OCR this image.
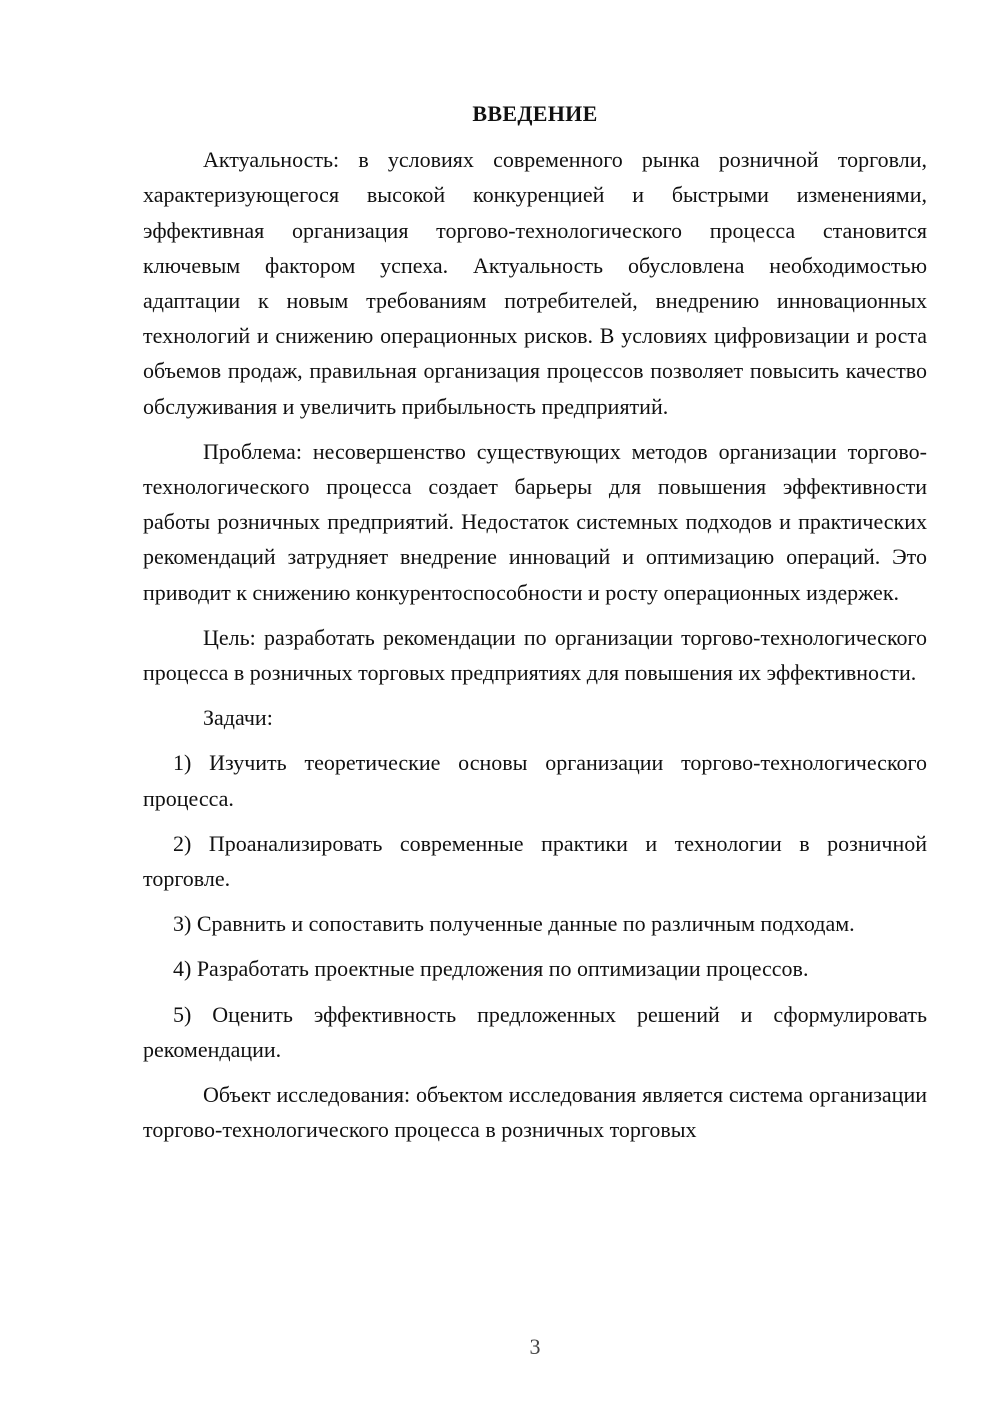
ВВЕДЕНИЕ

Актуальность: в условиях современного рынка розничной торговли, характеризующегося высокой конкуренцией и быстрыми изменениями, эффективная организация торгово-технологического процесса становится ключевым фактором успеха. Актуальность обусловлена необходимостью адаптации к новым требованиям потребителей, внедрению инновационных технологий и снижению операционных рисков. В условиях цифровизации и роста объемов продаж, правильная организация процессов позволяет повысить качество обслуживания и увеличить прибыльность предприятий.

Проблема: несовершенство существующих методов организации торгово-технологического процесса создает барьеры для повышения эффективности работы розничных предприятий. Недостаток системных подходов и практических рекомендаций затрудняет внедрение инноваций и оптимизацию операций. Это приводит к снижению конкурентоспособности и росту операционных издержек.

Цель: разработать рекомендации по организации торгово-технологического процесса в розничных торговых предприятиях для повышения их эффективности.

Задачи:

1) Изучить теоретические основы организации торгово-технологического процесса.

2) Проанализировать современные практики и технологии в розничной торговле.

3) Сравнить и сопоставить полученные данные по различным подходам.

4) Разработать проектные предложения по оптимизации процессов.

5) Оценить эффективность предложенных решений и сформулировать рекомендации.

Объект исследования: объектом исследования является система организации торгово-технологического процесса в розничных торговых

3
